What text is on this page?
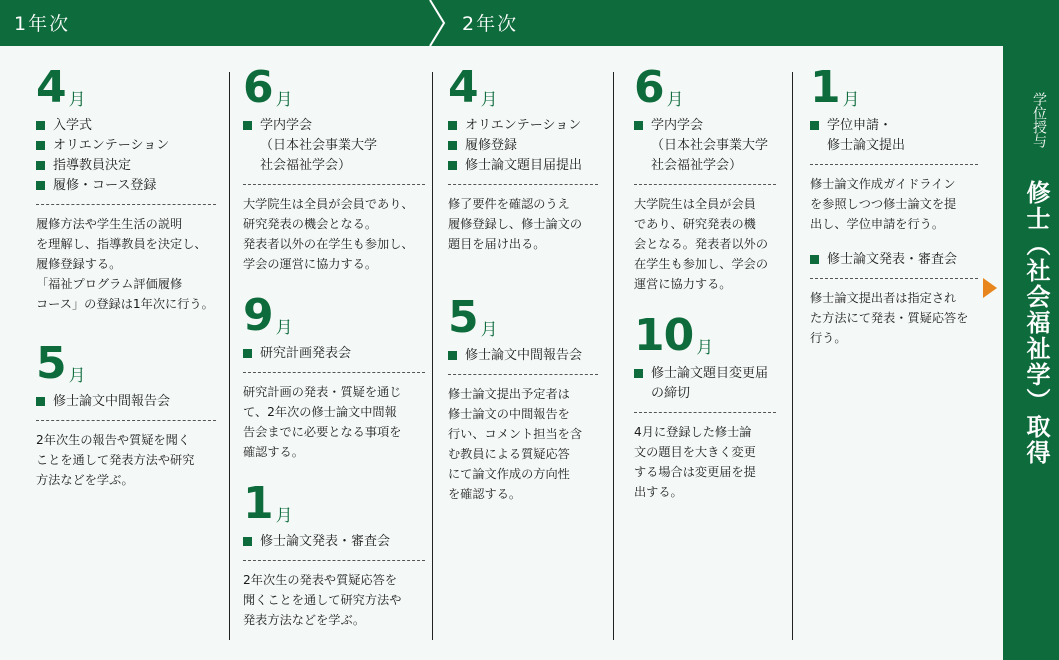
1年次	2年次
4 月
入学式
オリエンテーション
指導教員決定
履修・コース登録
履修方法や学生生活の説明
を理解し、指導教員を決定し、
履修登録する。
「福祉プログラム評価履修
コース」の登録は1年次に行う。
5 月
修士論文中間報告会
2年次生の報告や質疑を聞く
ことを通して発表方法や研究
方法などを学ぶ。
6 月
学内学会
（日本社会事業大学
社会福祉学会）
大学院生は全員が会員であり、
研究発表の機会となる。
発表者以外の在学生も参加し、
学会の運営に協力する。
9 月
研究計画発表会
研究計画の発表・質疑を通じ
て、2年次の修士論文中間報
告会までに必要となる事項を
確認する。
1 月
修士論文発表・審査会
2年次生の発表や質疑応答を
聞くことを通して研究方法や
発表方法などを学ぶ。
4 月
オリエンテーション
履修登録
修士論文題目届提出
修了要件を確認のうえ
履修登録し、修士論文の
題目を届け出る。
5 月
修士論文中間報告会
修士論文提出予定者は
修士論文の中間報告を
行い、コメント担当を含
む教員による質疑応答
にて論文作成の方向性
を確認する。
6 月
学内学会
（日本社会事業大学
社会福祉学会）
大学院生は全員が会員
であり、研究発表の機
会となる。発表者以外の
在学生も参加し、学会の
運営に協力する。
10 月
修士論文題目変更届
の締切
4月に登録した修士論
文の題目を大きく変更
する場合は変更届を提
出する。
1 月
学位申請・
修士論文提出
修士論文作成ガイドライン
を参照しつつ修士論文を提
出し、学位申請を行う。
修士論文発表・審査会
修士論文提出者は指定され
た方法にて発表・質疑応答を
行う。
学位授与
修士（社会福祉学）取得
